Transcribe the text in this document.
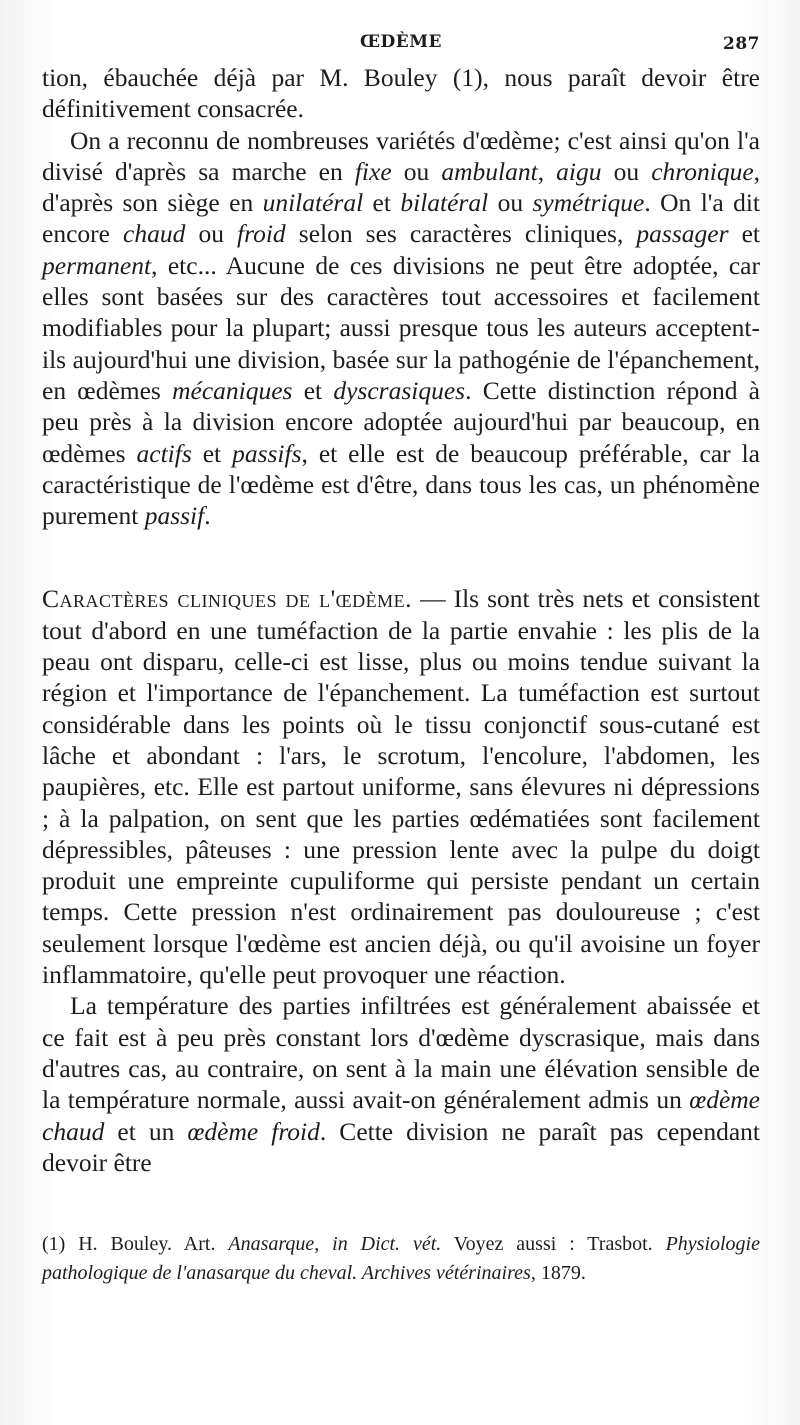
ŒDÈME	287

tion, ébauchée déjà par M. Bouley (1), nous paraît devoir être définitivement consacrée.

On a reconnu de nombreuses variétés d'œdème; c'est ainsi qu'on l'a divisé d'après sa marche en fixe ou ambulant, aigu ou chronique, d'après son siège en unilatéral et bilatéral ou symétrique. On l'a dit encore chaud ou froid selon ses caractères cliniques, passager et permanent, etc... Aucune de ces divisions ne peut être adoptée, car elles sont basées sur des caractères tout accessoires et facilement modifiables pour la plupart; aussi presque tous les auteurs acceptent-ils aujourd'hui une division, basée sur la pathogénie de l'épanchement, en œdèmes mécaniques et dyscrasiques. Cette distinction répond à peu près à la division encore adoptée aujourd'hui par beaucoup, en œdèmes actifs et passifs, et elle est de beaucoup préférable, car la caractéristique de l'œdème est d'être, dans tous les cas, un phénomène purement passif.

Caractères cliniques de l'œdème. — Ils sont très nets et consistent tout d'abord en une tuméfaction de la partie envahie : les plis de la peau ont disparu, celle-ci est lisse, plus ou moins tendue suivant la région et l'importance de l'épanchement. La tuméfaction est surtout considérable dans les points où le tissu conjonctif sous-cutané est lâche et abondant : l'ars, le scrotum, l'encolure, l'abdomen, les paupières, etc. Elle est partout uniforme, sans élevures ni dépressions ; à la palpation, on sent que les parties œdématiées sont facilement dépressibles, pâteuses : une pression lente avec la pulpe du doigt produit une empreinte cupuliforme qui persiste pendant un certain temps. Cette pression n'est ordinairement pas douloureuse ; c'est seulement lorsque l'œdème est ancien déjà, ou qu'il avoisine un foyer inflammatoire, qu'elle peut provoquer une réaction.

La température des parties infiltrées est généralement abaissée et ce fait est à peu près constant lors d'œdème dyscrasique, mais dans d'autres cas, au contraire, on sent à la main une élévation sensible de la température normale, aussi avait-on généralement admis un œdème chaud et un œdème froid. Cette division ne paraît pas cependant devoir être

(1) H. Bouley. Art. Anasarque, in Dict. vét. Voyez aussi : Trasbot. Physiologie pathologique de l'anasarque du cheval. Archives vétérinaires, 1879.
